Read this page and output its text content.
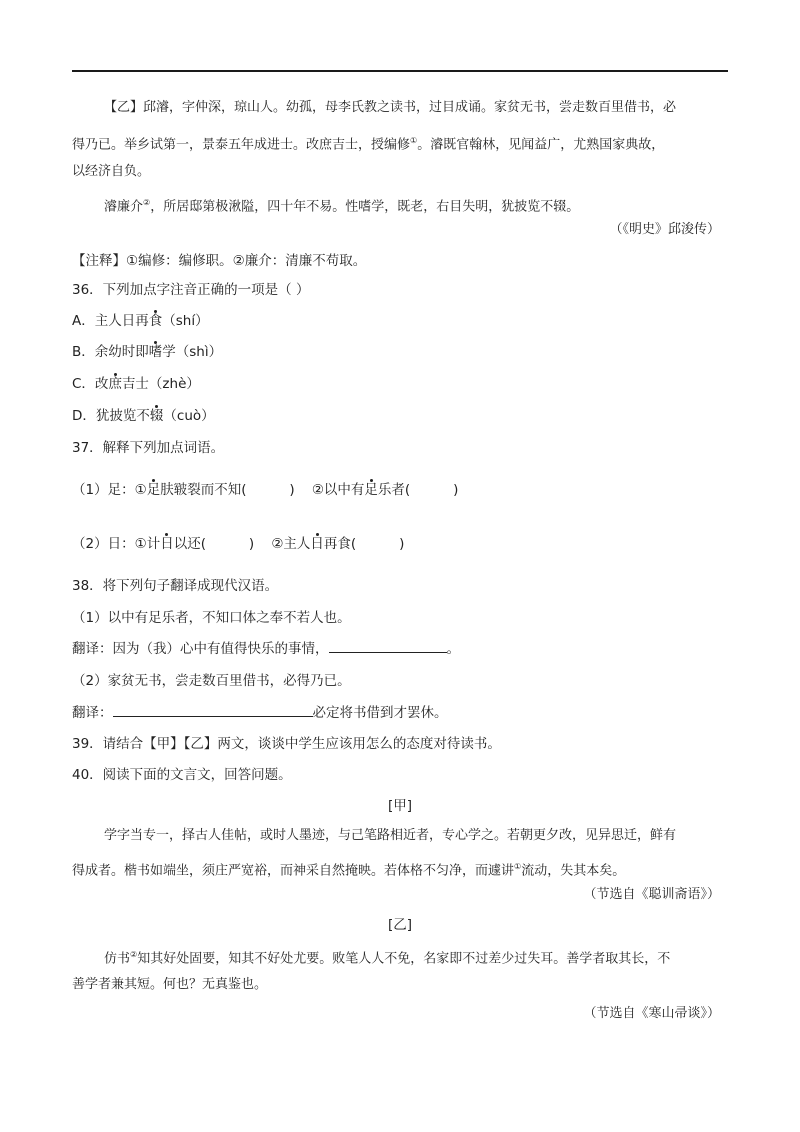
【乙】邱濬，字仲深，琼山人。幼孤，母李氏教之读书，过目成诵。家贫无书，尝走数百里借书，必
得乃已。举乡试第一，景泰五年成进士。改庶吉士，授编修①。濬既官翰林，见闻益广，尤熟国家典故，
以经济自负。
濬廉介②，所居邸第极湫隘，四十年不易。性嗜学，既老，右目失明，犹披览不辍。
（《明史》邱浚传）
【注释】①编修：编修职。②廉介：清廉不苟取。
36．下列加点字注音正确的一项是（ ）
A．主人日再食（shí）
B．余幼时即嗜学（shì）
C．改庶吉士（zhè）
D．犹披览不辍（cuò）
37．解释下列加点词语。
（1）足：①足肤皲裂而不知(          )    ②以中有足乐者(          )
（2）日：①计日以还(          )    ②主人日再食(          )
38．将下列句子翻译成现代汉语。
（1）以中有足乐者，不知口体之奉不若人也。
翻译：因为（我）心中有值得快乐的事情，	。
（2）家贫无书，尝走数百里借书，必得乃已。
翻译：	必定将书借到才罢休。
39．请结合【甲】【乙】两文，谈谈中学生应该用怎么的态度对待读书。
40．阅读下面的文言文，回答问题。
[甲]
学字当专一，择古人佳帖，或时人墨迹，与己笔路相近者，专心学之。若朝更夕改，见异思迁，鲜有
得成者。楷书如端坐，须庄严宽裕，而神采自然掩映。若体格不匀净，而遽讲①流动，失其本矣。
（节选自《聪训斋语》）
[乙]
仿书②知其好处固要，知其不好处尤要。败笔人人不免，名家即不过差少过失耳。善学者取其长，不
善学者兼其短。何也？无真鉴也。
（节选自《寒山帚谈》）
